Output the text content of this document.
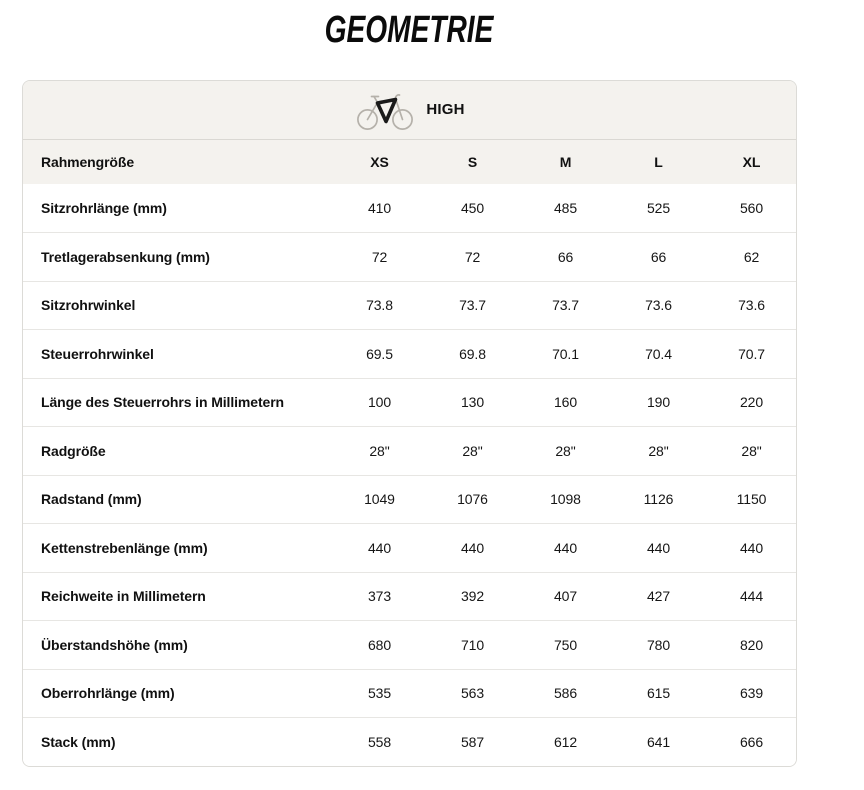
GEOMETRIE
HIGH					

Rahmengröße	XS	S	M	L	XL
Sitzrohrlänge (mm)	410	450	485	525	560
Tretlagerabsenkung (mm)	72	72	66	66	62
Sitzrohrwinkel	73.8	73.7	73.7	73.6	73.6
Steuerrohrwinkel	69.5	69.8	70.1	70.4	70.7
Länge des Steuerrohrs in Millimetern	100	130	160	190	220
Radgröße	28"	28"	28"	28"	28"
Radstand (mm)	1049	1076	1098	1126	1150
Kettenstrebenlänge (mm)	440	440	440	440	440
Reichweite in Millimetern	373	392	407	427	444
Überstandshöhe (mm)	680	710	750	780	820
Oberrohrlänge (mm)	535	563	586	615	639
Stack (mm)	558	587	612	641	666
